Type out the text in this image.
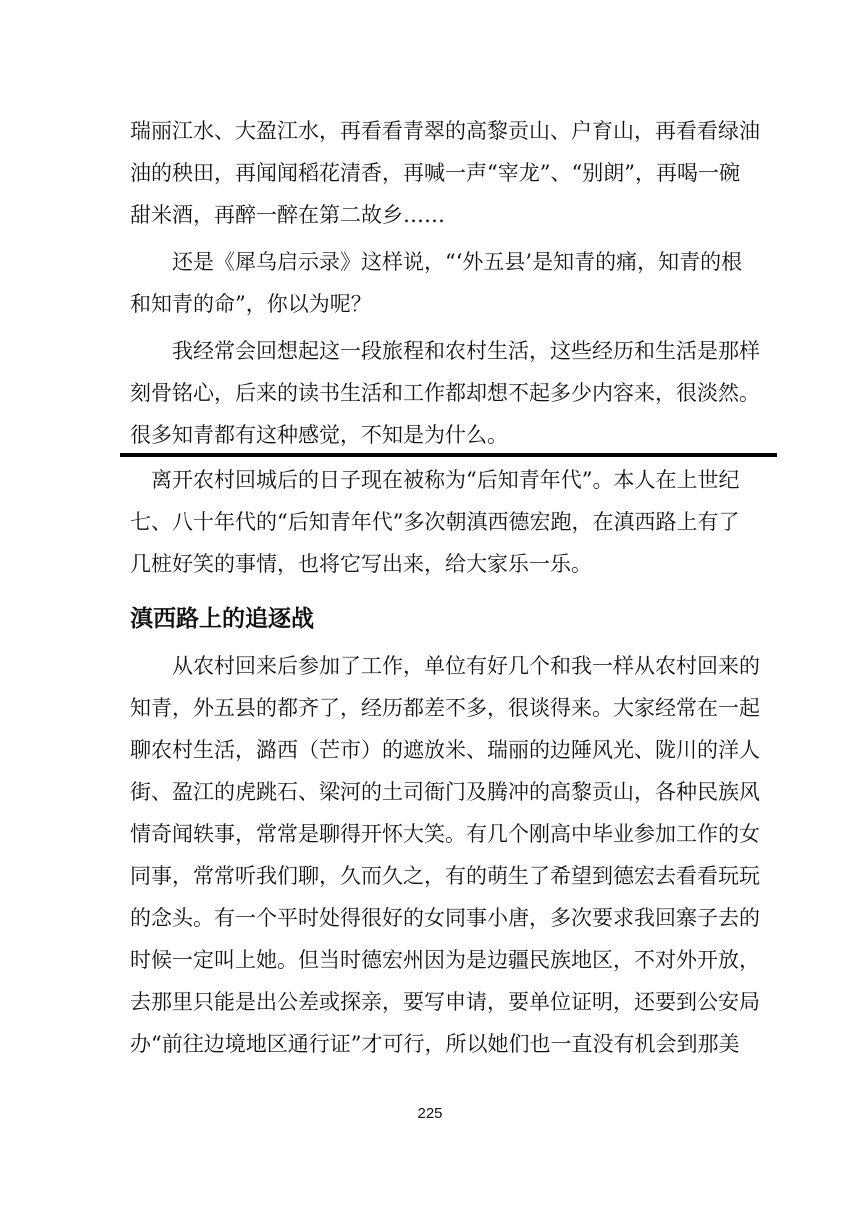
瑞丽江水、大盈江水，再看看青翠的高黎贡山、户育山，再看看绿油
油的秧田，再闻闻稻花清香，再喊一声“宰龙”、“别朗”，再喝一碗
甜米酒，再醉一醉在第二故乡……
　　还是《犀乌启示录》这样说，“‘外五县’是知青的痛，知青的根
和知青的命”，你以为呢？
　　我经常会回想起这一段旅程和农村生活，这些经历和生活是那样
刻骨铭心，后来的读书生活和工作都却想不起多少内容来，很淡然。
很多知青都有这种感觉，不知是为什么。
　离开农村回城后的日子现在被称为“后知青年代”。本人在上世纪
七、八十年代的“后知青年代”多次朝滇西德宏跑，在滇西路上有了
几桩好笑的事情，也将它写出来，给大家乐一乐。
滇西路上的追逐战
　　从农村回来后参加了工作，单位有好几个和我一样从农村回来的
知青，外五县的都齐了，经历都差不多，很谈得来。大家经常在一起
聊农村生活，潞西（芒市）的遮放米、瑞丽的边陲风光、陇川的洋人
街、盈江的虎跳石、梁河的土司衙门及腾冲的高黎贡山，各种民族风
情奇闻轶事，常常是聊得开怀大笑。有几个刚高中毕业参加工作的女
同事，常常听我们聊，久而久之，有的萌生了希望到德宏去看看玩玩
的念头。有一个平时处得很好的女同事小唐，多次要求我回寨子去的
时候一定叫上她。但当时德宏州因为是边疆民族地区，不对外开放，
去那里只能是出公差或探亲，要写申请，要单位证明，还要到公安局
办“前往边境地区通行证”才可行，所以她们也一直没有机会到那美
225
